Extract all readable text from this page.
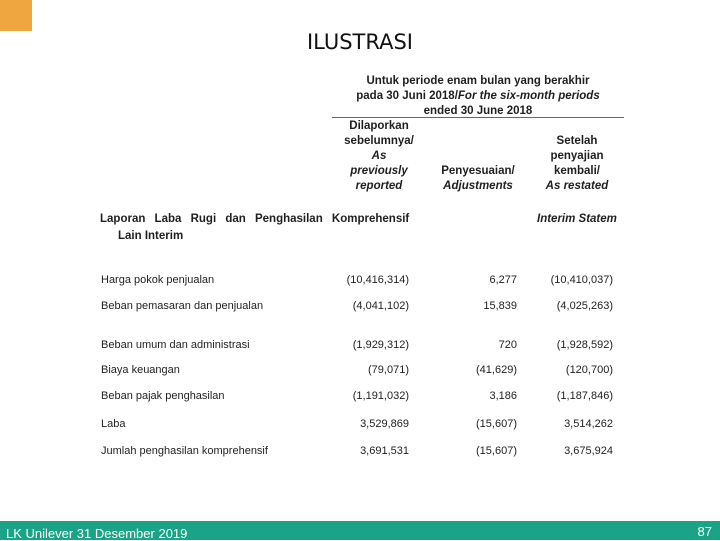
ILUSTRASI
Untuk periode enam bulan yang berakhir
pada 30 Juni 2018/For the six-month periods
ended 30 June 2018
Dilaporkan
sebelumnya/
As
previously
reported
Penyesuaian/
Adjustments
Setelah
penyajian
kembali/
As restated
Laporan Laba Rugi dan Penghasilan Komprehensif
Lain Interim
Interim Statem
Harga pokok penjualan	(10,416,314)	6,277	(10,410,037)
Beban pemasaran dan penjualan	(4,041,102)	15,839	(4,025,263)
Beban umum dan administrasi	(1,929,312)	720	(1,928,592)
Biaya keuangan	(79,071)	(41,629)	(120,700)
Beban pajak penghasilan	(1,191,032)	3,186	(1,187,846)
Laba	3,529,869	(15,607)	3,514,262
Jumlah penghasilan komprehensif	3,691,531	(15,607)	3,675,924
LK Unilever 31 Desember 2019	87
